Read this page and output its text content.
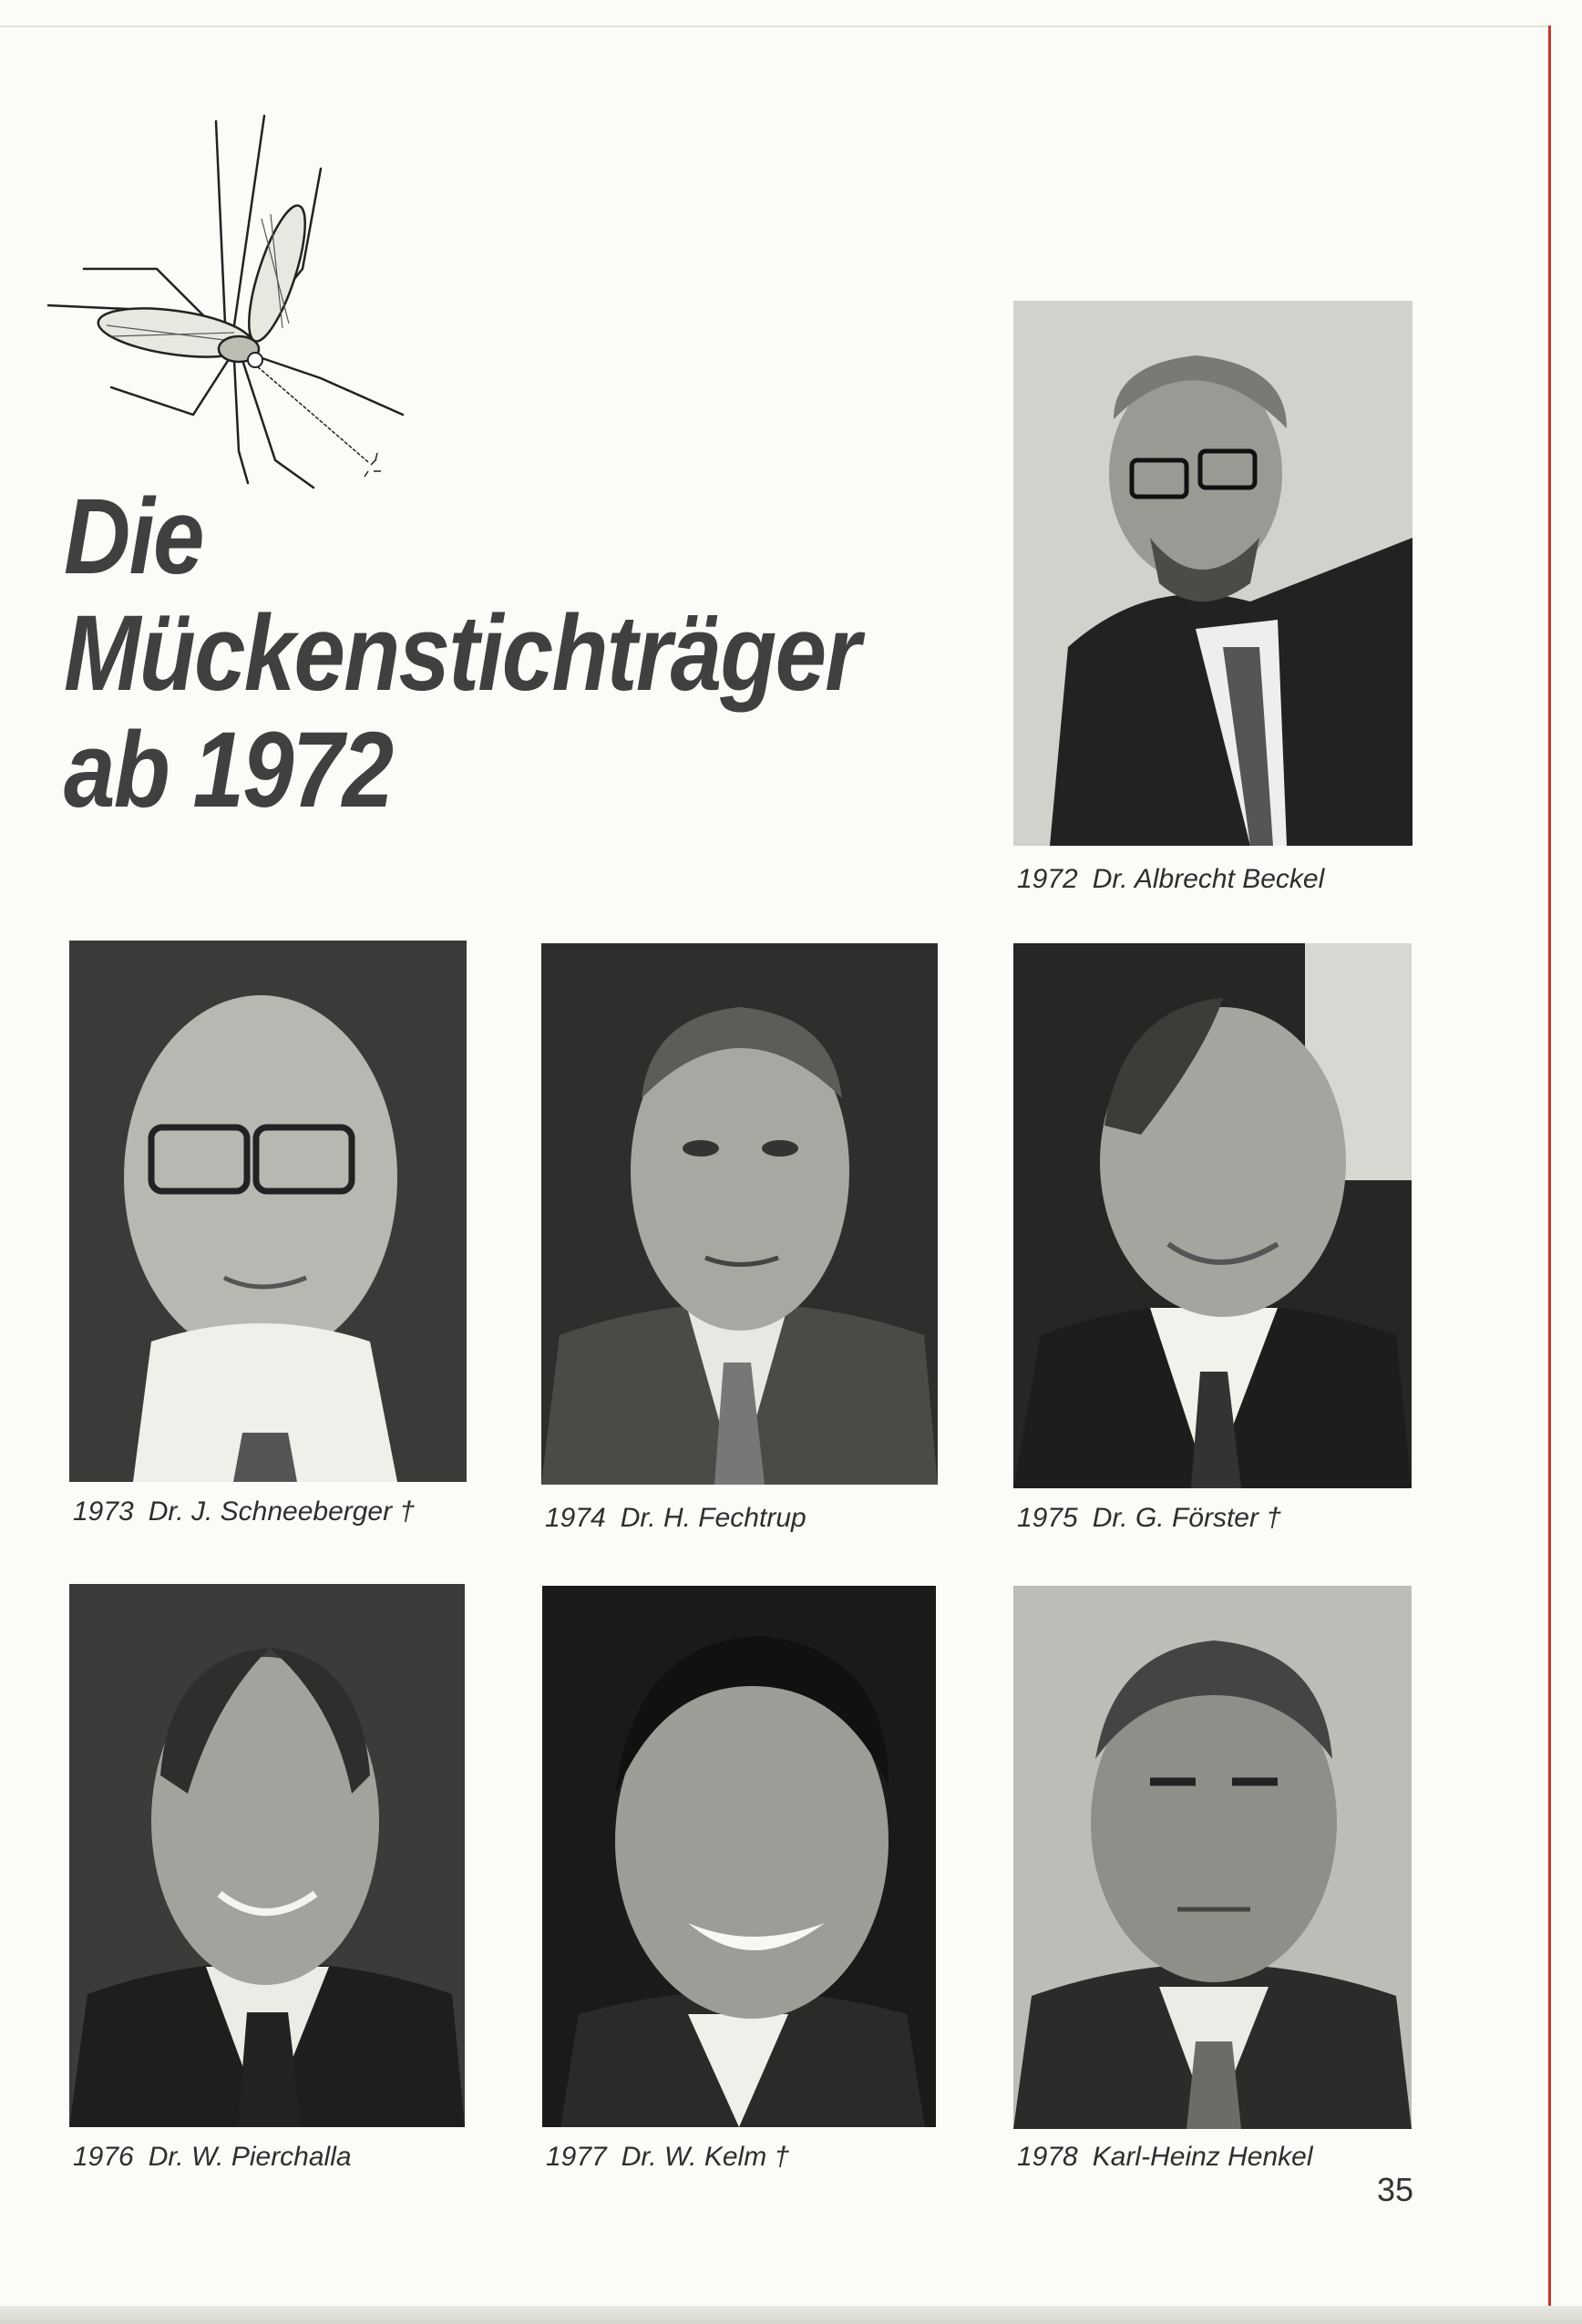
Die
Mückenstichträger
ab 1972
1972 Dr. Albrecht Beckel
1973 Dr. J. Schneeberger †	1974 Dr. H. Fechtrup	1975 Dr. G. Förster †
1976 Dr. W. Pierchalla	1977 Dr. W. Kelm †	1978 Karl-Heinz Henkel
35
